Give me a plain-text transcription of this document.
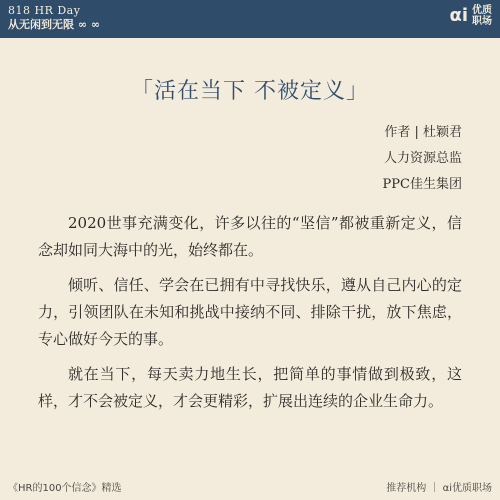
818 HR Day
从无闲到无限 ∞ ∞	αi 优质
职场
「活在当下 不被定义」
作者 | 杜颖君
人力资源总监
PPC佳生集团

2020世事充满变化，许多以往的“坚信”都被重新定义，信念却如同大海中的光，始终都在。

倾听、信任、学会在已拥有中寻找快乐，遵从自己内心的定力，引领团队在未知和挑战中接纳不同、排除干扰，放下焦虑，专心做好今天的事。

就在当下，每天卖力地生长，把简单的事情做到极致，这样，才不会被定义，才会更精彩，扩展出连续的企业生命力。

《HR的100个信念》精选	推荐机构 ｜ αi优质职场
